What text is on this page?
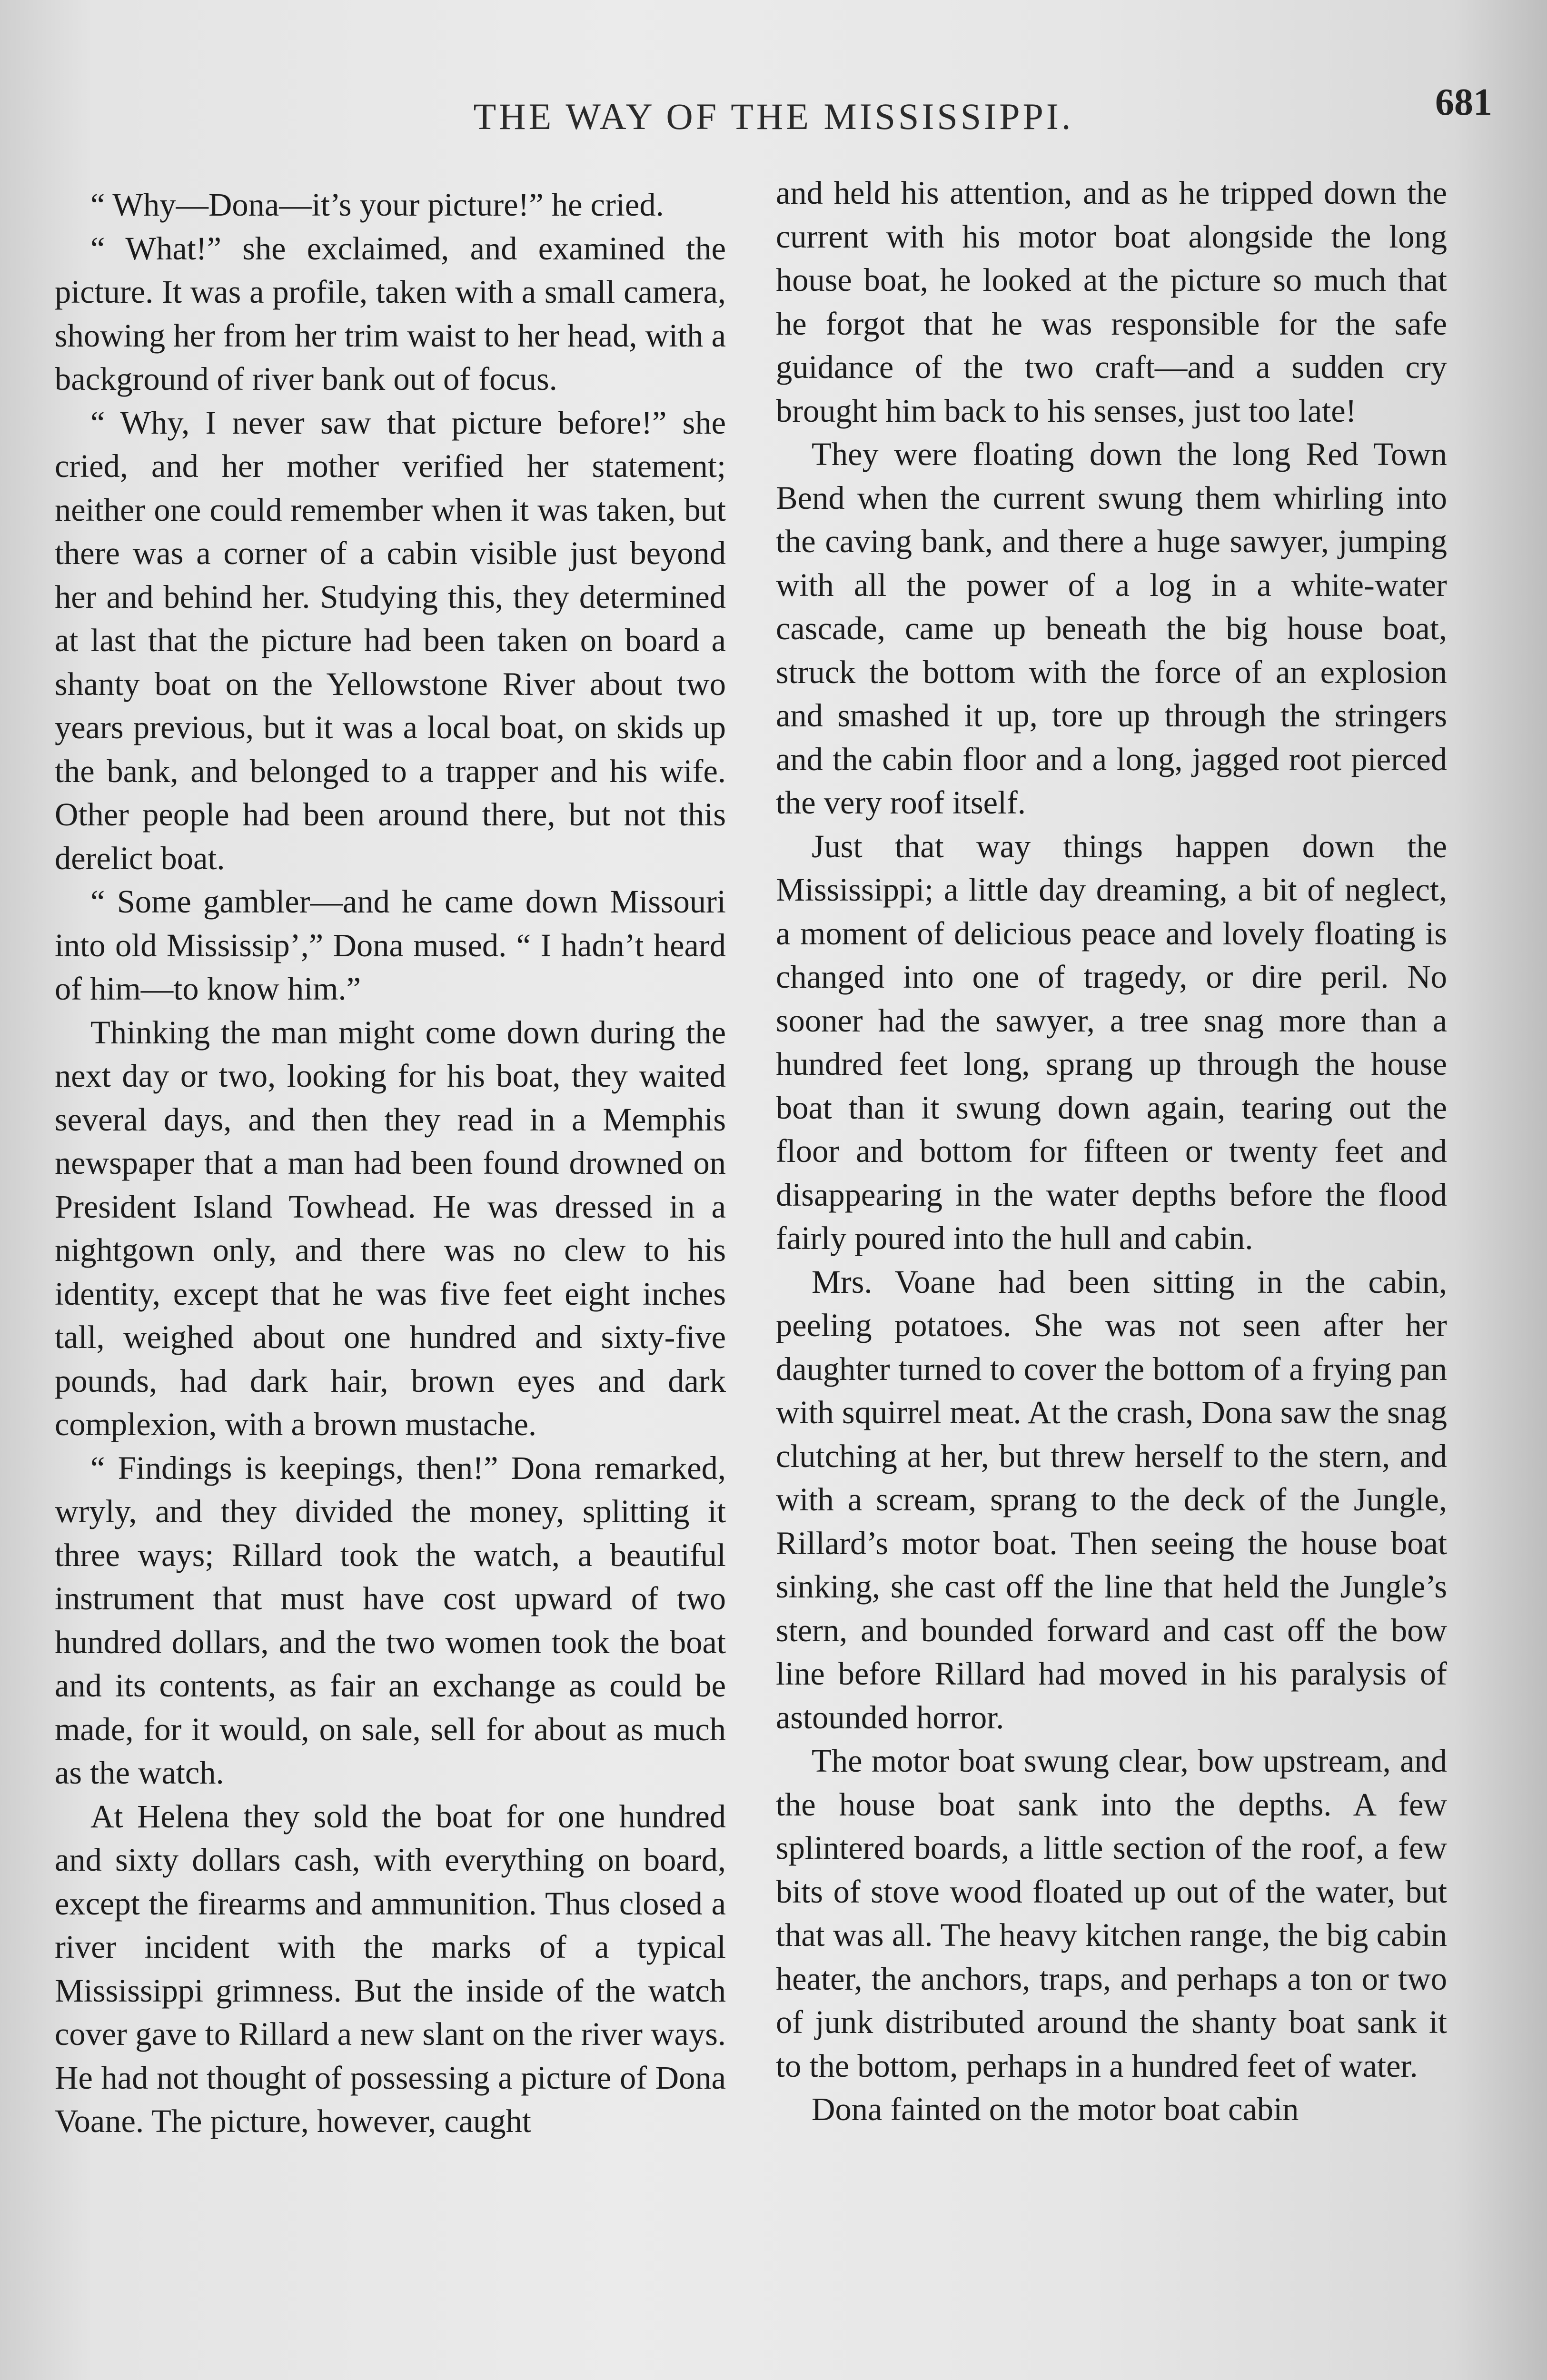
THE WAY OF THE MISSISSIPPI.	681

“ Why—Dona—it’s your picture!” he cried.

“ What!” she exclaimed, and examined the picture. It was a profile, taken with a small camera, showing her from her trim waist to her head, with a background of river bank out of focus.

“ Why, I never saw that picture before!” she cried, and her mother verified her statement; neither one could remember when it was taken, but there was a corner of a cabin visible just beyond her and behind her. Studying this, they determined at last that the picture had been taken on board a shanty boat on the Yellowstone River about two years previous, but it was a local boat, on skids up the bank, and belonged to a trapper and his wife. Other people had been around there, but not this derelict boat.

“ Some gambler—and he came down Missouri into old Mississip’,” Dona mused. “ I hadn’t heard of him—to know him.”

Thinking the man might come down during the next day or two, looking for his boat, they waited several days, and then they read in a Memphis newspaper that a man had been found drowned on President Island Towhead. He was dressed in a nightgown only, and there was no clew to his identity, except that he was five feet eight inches tall, weighed about one hundred and sixty-five pounds, had dark hair, brown eyes and dark complexion, with a brown mustache.

“ Findings is keepings, then!” Dona remarked, wryly, and they divided the money, splitting it three ways; Rillard took the watch, a beautiful instrument that must have cost upward of two hundred dollars, and the two women took the boat and its contents, as fair an exchange as could be made, for it would, on sale, sell for about as much as the watch.

At Helena they sold the boat for one hundred and sixty dollars cash, with everything on board, except the firearms and ammunition. Thus closed a river incident with the marks of a typical Mississippi grimness. But the inside of the watch cover gave to Rillard a new slant on the river ways. He had not thought of possessing a picture of Dona Voane. The picture, however, caught

and held his attention, and as he tripped down the current with his motor boat alongside the long house boat, he looked at the picture so much that he forgot that he was responsible for the safe guidance of the two craft—and a sudden cry brought him back to his senses, just too late!

They were floating down the long Red Town Bend when the current swung them whirling into the caving bank, and there a huge sawyer, jumping with all the power of a log in a white-water cascade, came up beneath the big house boat, struck the bottom with the force of an explosion and smashed it up, tore up through the stringers and the cabin floor and a long, jagged root pierced the very roof itself.

Just that way things happen down the Mississippi; a little day dreaming, a bit of neglect, a moment of delicious peace and lovely floating is changed into one of tragedy, or dire peril. No sooner had the sawyer, a tree snag more than a hundred feet long, sprang up through the house boat than it swung down again, tearing out the floor and bottom for fifteen or twenty feet and disappearing in the water depths before the flood fairly poured into the hull and cabin.

Mrs. Voane had been sitting in the cabin, peeling potatoes. She was not seen after her daughter turned to cover the bottom of a frying pan with squirrel meat. At the crash, Dona saw the snag clutching at her, but threw herself to the stern, and with a scream, sprang to the deck of the Jungle, Rillard’s motor boat. Then seeing the house boat sinking, she cast off the line that held the Jungle’s stern, and bounded forward and cast off the bow line before Rillard had moved in his paralysis of astounded horror.

The motor boat swung clear, bow upstream, and the house boat sank into the depths. A few splintered boards, a little section of the roof, a few bits of stove wood floated up out of the water, but that was all. The heavy kitchen range, the big cabin heater, the anchors, traps, and perhaps a ton or two of junk distributed around the shanty boat sank it to the bottom, perhaps in a hundred feet of water.

Dona fainted on the motor boat cabin
